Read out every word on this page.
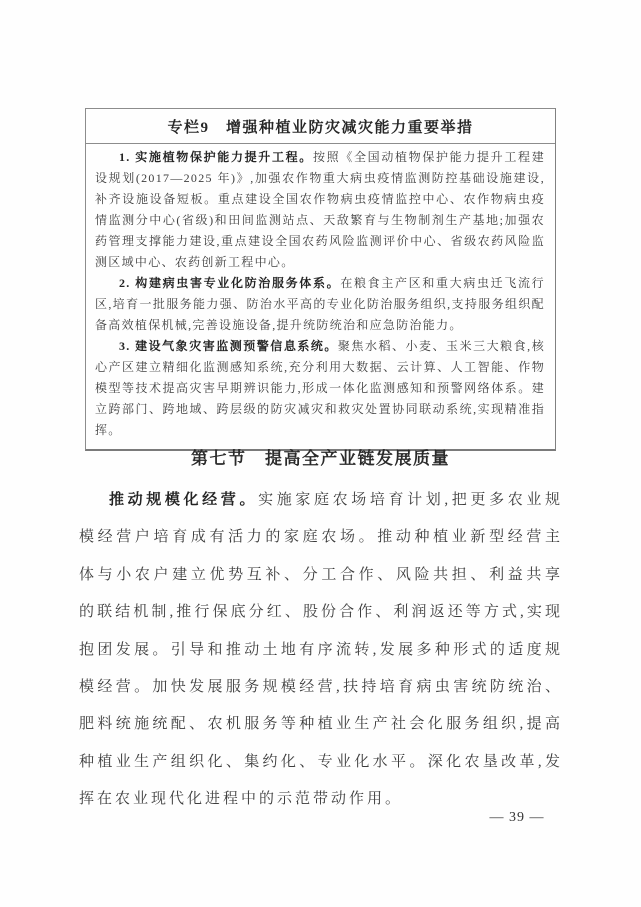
专栏9　增强种植业防灾减灾能力重要举措

1. 实施植物保护能力提升工程。按照《全国动植物保护能力提升工程建设规划(2017—2025 年)》,加强农作物重大病虫疫情监测防控基础设施建设,补齐设施设备短板。重点建设全国农作物病虫疫情监控中心、农作物病虫疫情监测分中心(省级)和田间监测站点、天敌繁育与生物制剂生产基地;加强农药管理支撑能力建设,重点建设全国农药风险监测评价中心、省级农药风险监测区域中心、农药创新工程中心。

2. 构建病虫害专业化防治服务体系。在粮食主产区和重大病虫迁飞流行区,培育一批服务能力强、防治水平高的专业化防治服务组织,支持服务组织配备高效植保机械,完善设施设备,提升统防统治和应急防治能力。

3. 建设气象灾害监测预警信息系统。聚焦水稻、小麦、玉米三大粮食,核心产区建立精细化监测感知系统,充分利用大数据、云计算、人工智能、作物模型等技术提高灾害早期辨识能力,形成一体化监测感知和预警网络体系。建立跨部门、跨地域、跨层级的防灾减灾和救灾处置协同联动系统,实现精准指挥。

第七节　提高全产业链发展质量

推动规模化经营。实施家庭农场培育计划,把更多农业规模经营户培育成有活力的家庭农场。推动种植业新型经营主体与小农户建立优势互补、分工合作、风险共担、利益共享的联结机制,推行保底分红、股份合作、利润返还等方式,实现抱团发展。引导和推动土地有序流转,发展多种形式的适度规模经营。加快发展服务规模经营,扶持培育病虫害统防统治、肥料统施统配、农机服务等种植业生产社会化服务组织,提高种植业生产组织化、集约化、专业化水平。深化农垦改革,发挥在农业现代化进程中的示范带动作用。

— 39 —
